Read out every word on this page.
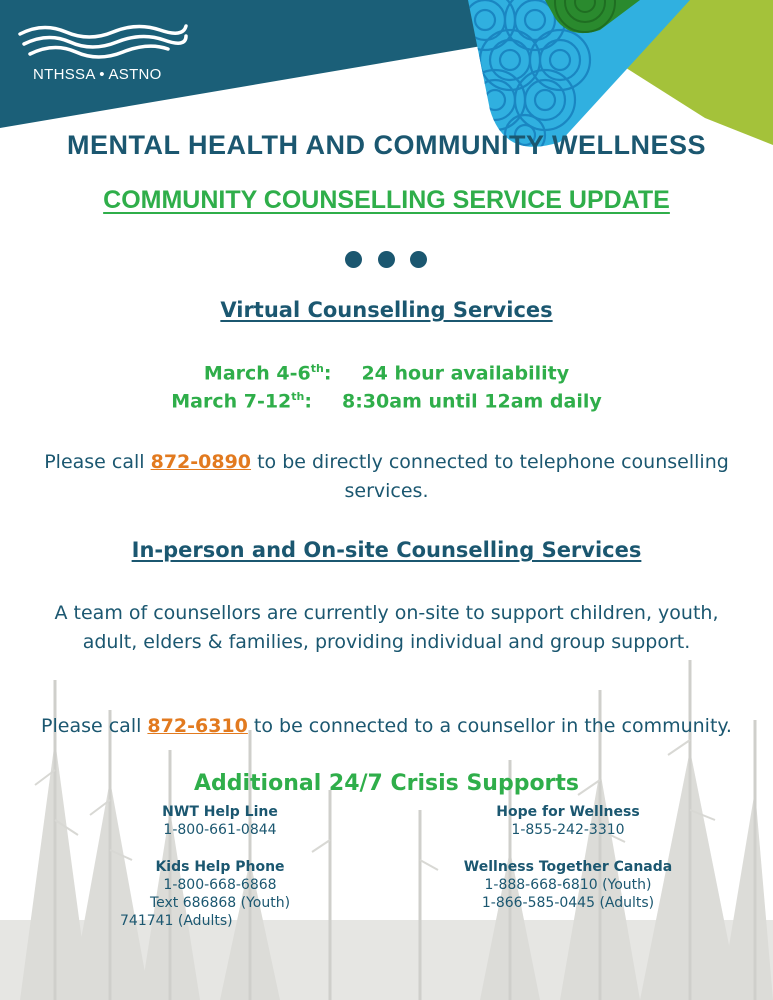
NTHSSA • ASTNO
MENTAL HEALTH AND COMMUNITY WELLNESS
COMMUNITY COUNSELLING SERVICE UPDATE
Virtual Counselling Services
March 4-6th: 24 hour availability
March 7-12th: 8:30am until 12am daily
Please call 872-0890 to be directly connected to telephone counselling services.
In-person and On-site Counselling Services
A team of counsellors are currently on-site to support children, youth, adult, elders & families, providing individual and group support.
Please call 872-6310 to be connected to a counsellor in the community.
Additional 24/7 Crisis Supports
NWT Help Line
1-800-661-0844
Hope for Wellness
1-855-242-3310
Kids Help Phone
1-800-668-6868
Text 686868 (Youth)
741741 (Adults)
Wellness Together Canada
1-888-668-6810 (Youth)
1-866-585-0445 (Adults)
